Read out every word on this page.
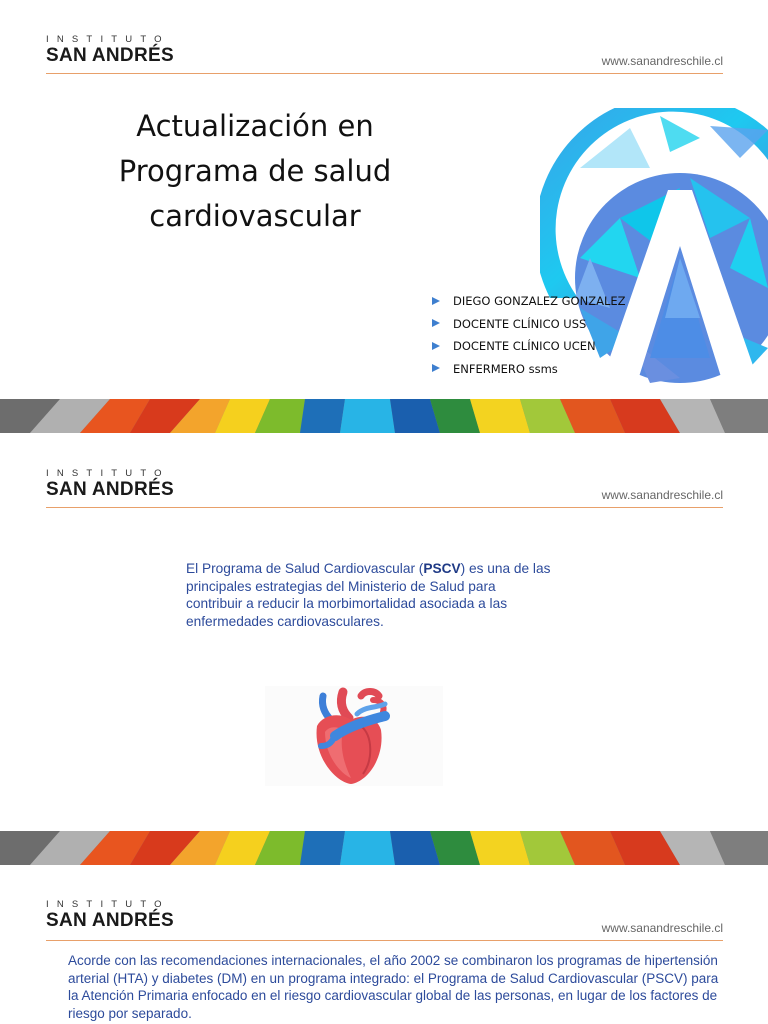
INSTITUTO
SAN ANDRÉS	www.sanandreschile.cl
Actualización en
Programa de salud
cardiovascular
DIEGO GONZALEZ GONZALEZ
DOCENTE CLÍNICO USS
DOCENTE CLÍNICO UCEN
ENFERMERO ssms
INSTITUTO
SAN ANDRÉS	www.sanandreschile.cl
El Programa de Salud Cardiovascular (PSCV) es una de las principales estrategias del Ministerio de Salud para contribuir a reducir la morbimortalidad asociada a las enfermedades cardiovasculares.
INSTITUTO
SAN ANDRÉS	www.sanandreschile.cl
Acorde con las recomendaciones internacionales, el año 2002 se combinaron los programas de hipertensión arterial (HTA) y diabetes (DM) en un programa integrado: el Programa de Salud Cardiovascular (PSCV) para la Atención Primaria enfocado en el riesgo cardiovascular global de las personas, en lugar de los factores de riesgo por separado.
